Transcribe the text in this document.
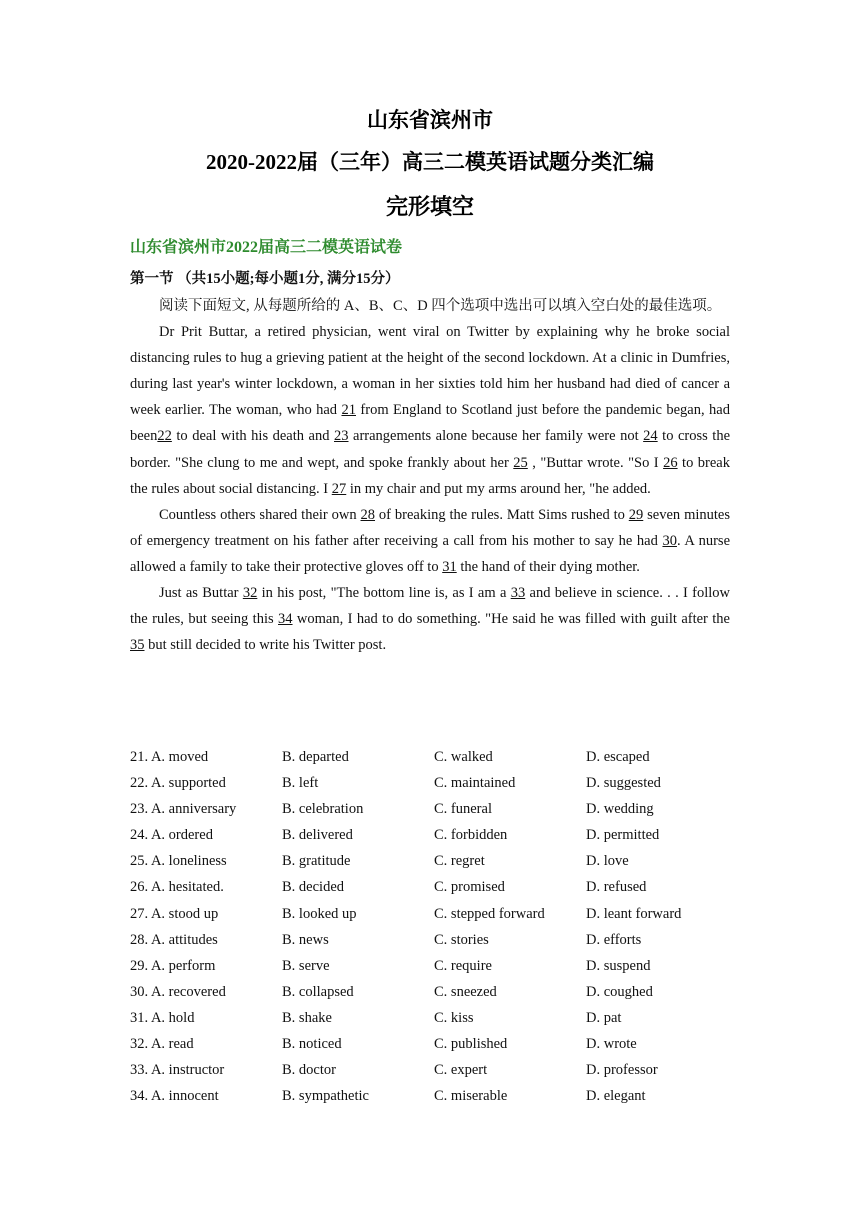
山东省滨州市
2020-2022届（三年）高三二模英语试题分类汇编
完形填空
山东省滨州市2022届高三二模英语试卷
第一节 （共15小题;每小题1分, 满分15分）

阅读下面短文, 从每题所给的 A、B、C、D 四个选项中选出可以填入空白处的最佳选项。

Dr Prit Buttar, a retired physician, went viral on Twitter by explaining why he broke social distancing rules to hug a grieving patient at the height of the second lockdown. At a clinic in Dumfries, during last year's winter lockdown, a woman in her sixties told him her husband had died of cancer a week earlier. The woman, who had 21 from England to Scotland just before the pandemic began, had been22 to deal with his death and 23 arrangements alone because her family were not 24 to cross the border. "She clung to me and wept, and spoke frankly about her 25 , "Buttar wrote. "So I 26 to break the rules about social distancing. I 27 in my chair and put my arms around her, "he added.

Countless others shared their own 28 of breaking the rules. Matt Sims rushed to 29 seven minutes of emergency treatment on his father after receiving a call from his mother to say he had 30. A nurse allowed a family to take their protective gloves off to 31 the hand of their dying mother.

Just as Buttar 32 in his post, "The bottom line is, as I am a 33 and believe in science. . . I follow the rules, but seeing this 34 woman, I had to do something. "He said he was filled with guilt after the 35 but still decided to write his Twitter post.

21. A. moved	B. departed	C. walked	D. escaped
22. A. supported	B. left	C. maintained	D. suggested
23. A. anniversary	B. celebration	C. funeral	D. wedding
24. A. ordered	B. delivered	C. forbidden	D. permitted
25. A. loneliness	B. gratitude	C. regret	D. love
26. A. hesitated.	B. decided	C. promised	D. refused
27. A. stood up	B. looked up	C. stepped forward	D. leant forward
28. A. attitudes	B. news	C. stories	D. efforts
29. A. perform	B. serve	C. require	D. suspend
30. A. recovered	B. collapsed	C. sneezed	D. coughed
31. A. hold	B. shake	C. kiss	D. pat
32. A. read	B. noticed	C. published	D. wrote
33. A. instructor	B. doctor	C. expert	D. professor
34. A. innocent	B. sympathetic	C. miserable	D. elegant
